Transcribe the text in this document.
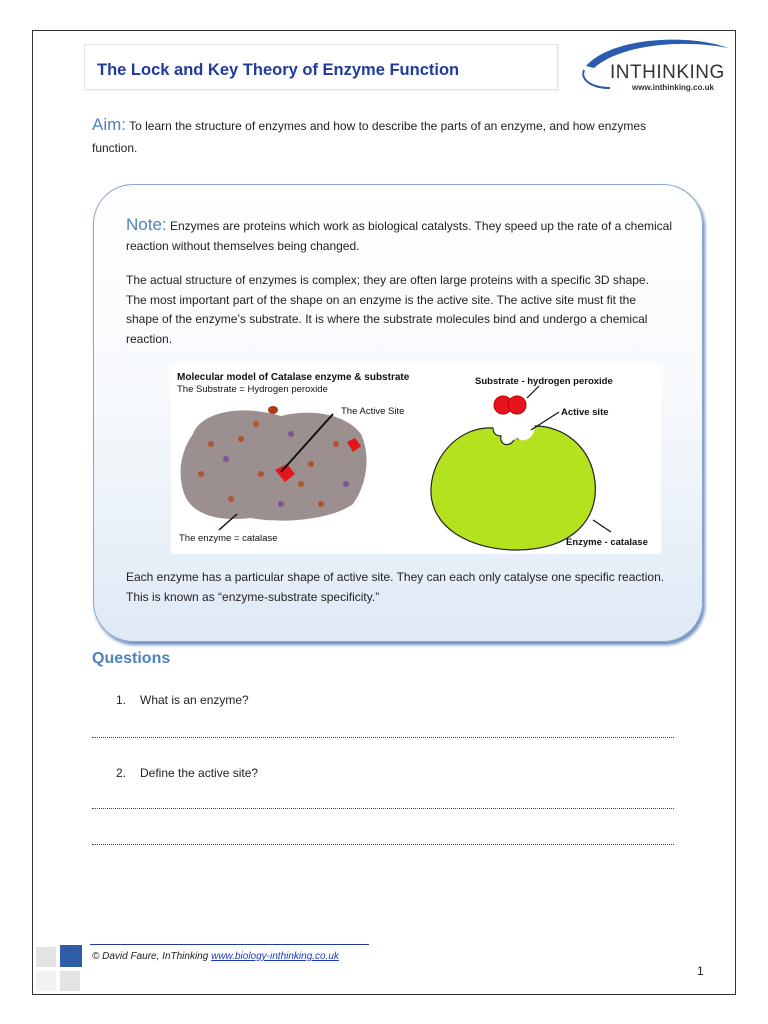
The Lock and Key Theory of Enzyme Function	INTHINKING
www.inthinking.co.uk
Aim: To learn the structure of enzymes and how to describe the parts of an enzyme, and how enzymes function.
Note: Enzymes are proteins which work as biological catalysts. They speed up the rate of a chemical reaction without themselves being changed.
The actual structure of enzymes is complex; they are often large proteins with a specific 3D shape. The most important part of the shape on an enzyme is the active site. The active site must fit the shape of the enzyme’s substrate. It is where the substrate molecules bind and undergo a chemical reaction.
Each enzyme has a particular shape of active site. They can each only catalyse one specific reaction. This is known as “enzyme-substrate specificity.”
Molecular model of Catalase enzyme & substrate
The Substrate = Hydrogen peroxide
The Active Site
The enzyme = catalase
Substrate - hydrogen peroxide
Active site
Enzyme - catalase
Questions
1. What is an enzyme?
2. Define the active site?
© David Faure, InThinking www.biology-inthinking.co.uk
1
